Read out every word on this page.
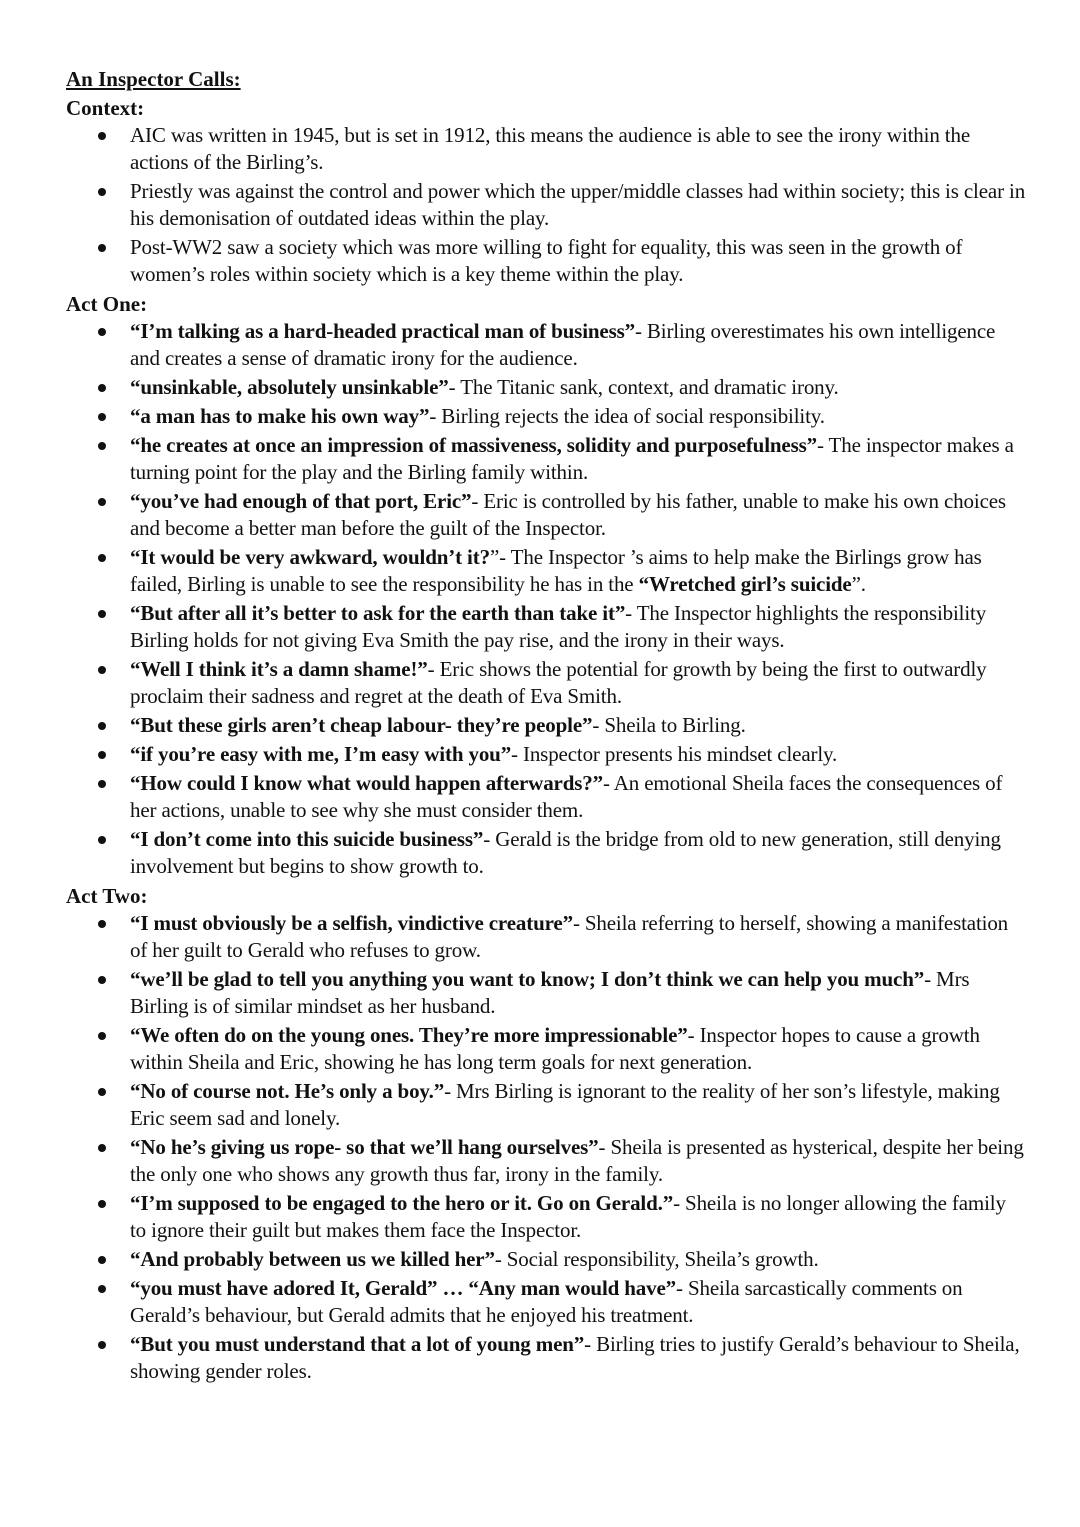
An Inspector Calls:
Context:
AIC was written in 1945, but is set in 1912, this means the audience is able to see the irony within the actions of the Birling’s.
Priestly was against the control and power which the upper/middle classes had within society; this is clear in his demonisation of outdated ideas within the play.
Post-WW2 saw a society which was more willing to fight for equality, this was seen in the growth of women’s roles within society which is a key theme within the play.
Act One:
“I’m talking as a hard-headed practical man of business”- Birling overestimates his own intelligence and creates a sense of dramatic irony for the audience.
“unsinkable, absolutely unsinkable”- The Titanic sank, context, and dramatic irony.
“a man has to make his own way”- Birling rejects the idea of social responsibility.
“he creates at once an impression of massiveness, solidity and purposefulness”- The inspector makes a turning point for the play and the Birling family within.
“you’ve had enough of that port, Eric”- Eric is controlled by his father, unable to make his own choices and become a better man before the guilt of the Inspector.
“It would be very awkward, wouldn’t it?”- The Inspector ’s aims to help make the Birlings grow has failed, Birling is unable to see the responsibility he has in the “Wretched girl’s suicide”.
“But after all it’s better to ask for the earth than take it”- The Inspector highlights the responsibility Birling holds for not giving Eva Smith the pay rise, and the irony in their ways.
“Well I think it’s a damn shame!”- Eric shows the potential for growth by being the first to outwardly proclaim their sadness and regret at the death of Eva Smith.
“But these girls aren’t cheap labour- they’re people”- Sheila to Birling.
“if you’re easy with me, I’m easy with you”- Inspector presents his mindset clearly.
“How could I know what would happen afterwards?”- An emotional Sheila faces the consequences of her actions, unable to see why she must consider them.
“I don’t come into this suicide business”- Gerald is the bridge from old to new generation, still denying involvement but begins to show growth to.
Act Two:
“I must obviously be a selfish, vindictive creature”- Sheila referring to herself, showing a manifestation of her guilt to Gerald who refuses to grow.
“we’ll be glad to tell you anything you want to know; I don’t think we can help you much”- Mrs Birling is of similar mindset as her husband.
“We often do on the young ones. They’re more impressionable”- Inspector hopes to cause a growth within Sheila and Eric, showing he has long term goals for next generation.
“No of course not. He’s only a boy.”- Mrs Birling is ignorant to the reality of her son’s lifestyle, making Eric seem sad and lonely.
“No he’s giving us rope- so that we’ll hang ourselves”- Sheila is presented as hysterical, despite her being the only one who shows any growth thus far, irony in the family.
“I’m supposed to be engaged to the hero or it. Go on Gerald.”- Sheila is no longer allowing the family to ignore their guilt but makes them face the Inspector.
“And probably between us we killed her”- Social responsibility, Sheila’s growth.
“you must have adored It, Gerald” … “Any man would have”- Sheila sarcastically comments on Gerald’s behaviour, but Gerald admits that he enjoyed his treatment.
“But you must understand that a lot of young men”- Birling tries to justify Gerald’s behaviour to Sheila, showing gender roles.
